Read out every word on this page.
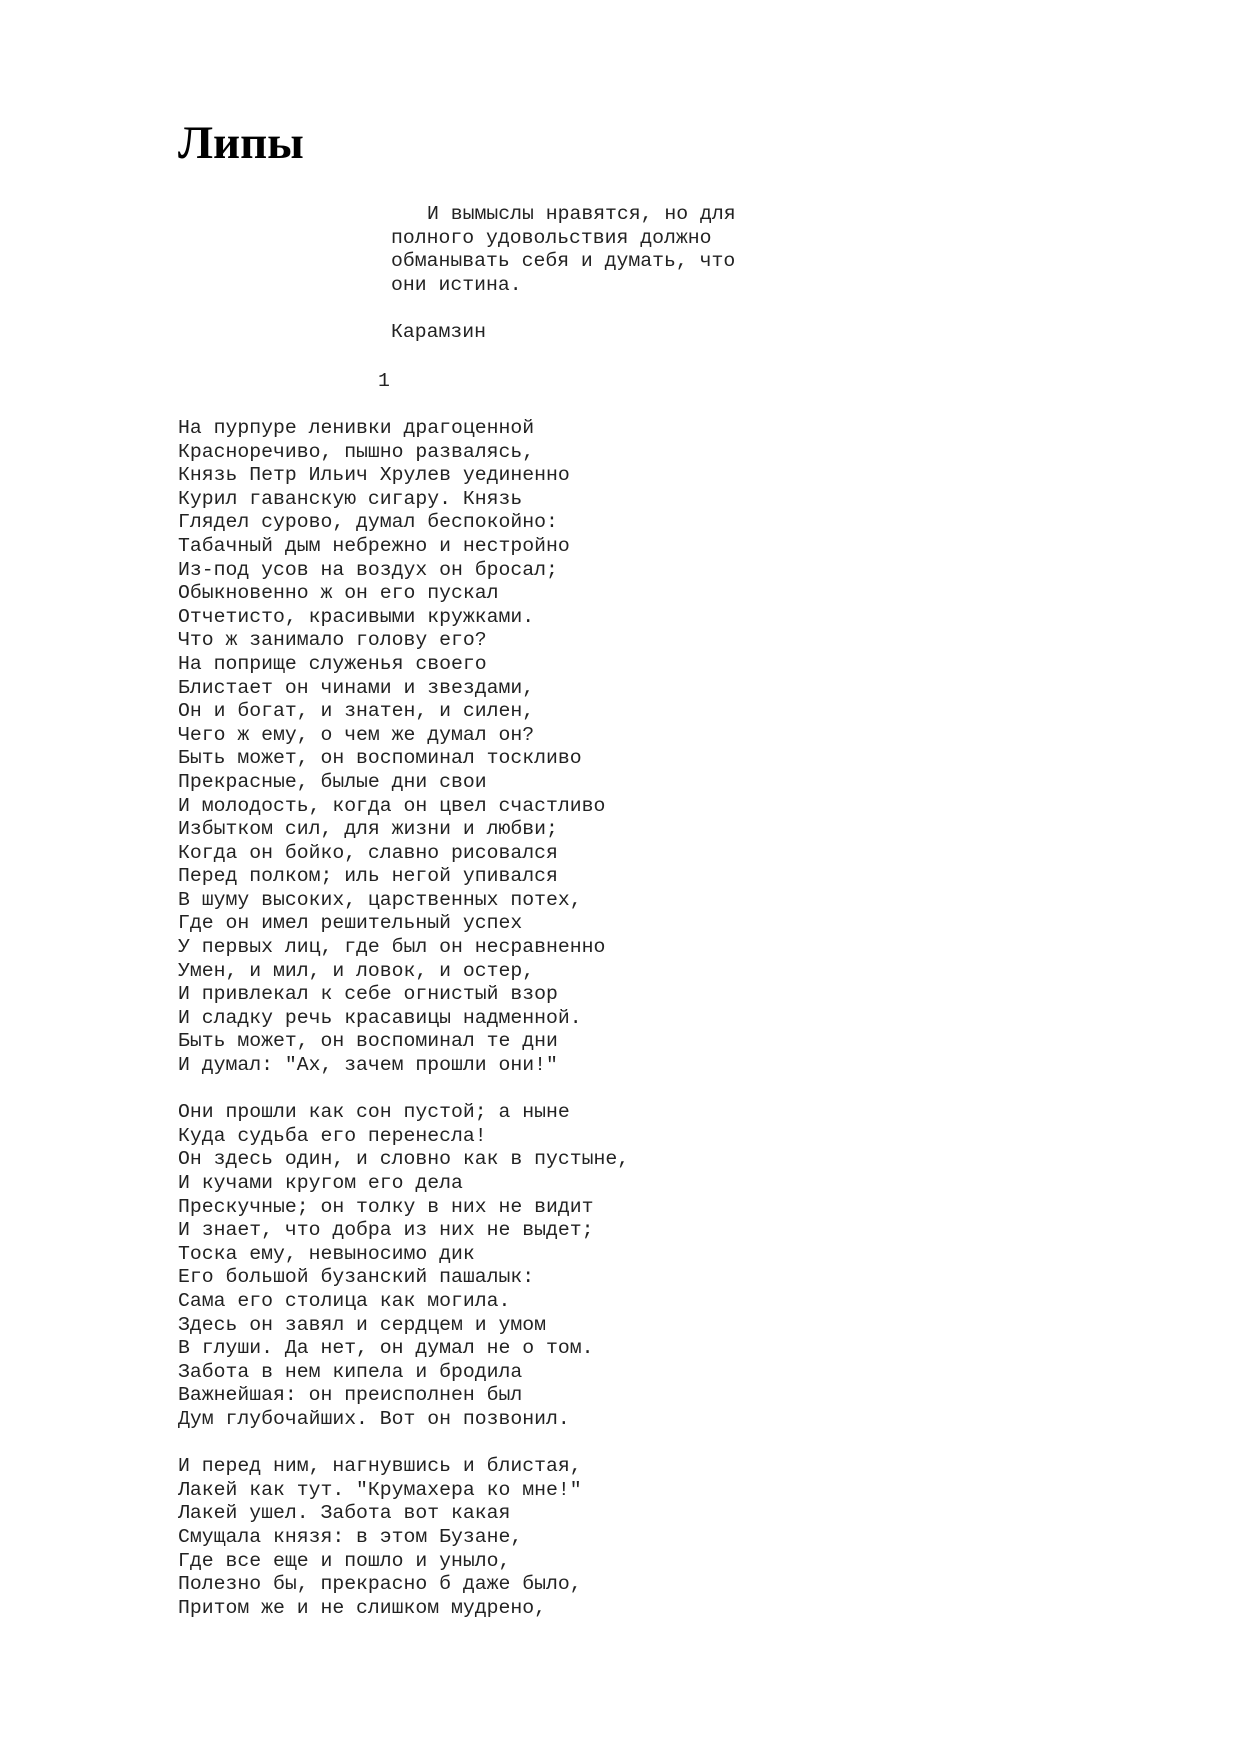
Липы
И вымыслы нравятся, но для
полного удовольствия должно
обманывать себя и думать, что
они истина.
Карамзин
1
На пурпуре ленивки драгоценной
Красноречиво, пышно развалясь,
Князь Петр Ильич Хрулев уединенно
Курил гаванскую сигару. Князь
Глядел сурово, думал беспокойно:
Табачный дым небрежно и нестройно
Из-под усов на воздух он бросал;
Обыкновенно ж он его пускал
Отчетисто, красивыми кружками.
Что ж занимало голову его?
На поприще служенья своего
Блистает он чинами и звездами,
Он и богат, и знатен, и силен,
Чего ж ему, о чем же думал он?
Быть может, он воспоминал тоскливо
Прекрасные, былые дни свои
И молодость, когда он цвел счастливо
Избытком сил, для жизни и любви;
Когда он бойко, славно рисовался
Перед полком; иль негой упивался
В шуму высоких, царственных потех,
Где он имел решительный успех
У первых лиц, где был он несравненно
Умен, и мил, и ловок, и остер,
И привлекал к себе огнистый взор
И сладку речь красавицы надменной.
Быть может, он воспоминал те дни
И думал: "Ах, зачем прошли они!"
Они прошли как сон пустой; а ныне
Куда судьба его перенесла!
Он здесь один, и словно как в пустыне,
И кучами кругом его дела
Прескучные; он толку в них не видит
И знает, что добра из них не выдет;
Тоска ему, невыносимо дик
Его большой бузанский пашалык:
Сама его столица как могила.
Здесь он завял и сердцем и умом
В глуши. Да нет, он думал не о том.
Забота в нем кипела и бродила
Важнейшая: он преисполнен был
Дум глубочайших. Вот он позвонил.
И перед ним, нагнувшись и блистая,
Лакей как тут. "Крумахера ко мне!"
Лакей ушел. Забота вот какая
Смущала князя: в этом Бузане,
Где все еще и пошло и уныло,
Полезно бы, прекрасно б даже было,
Притом же и не слишком мудрено,
